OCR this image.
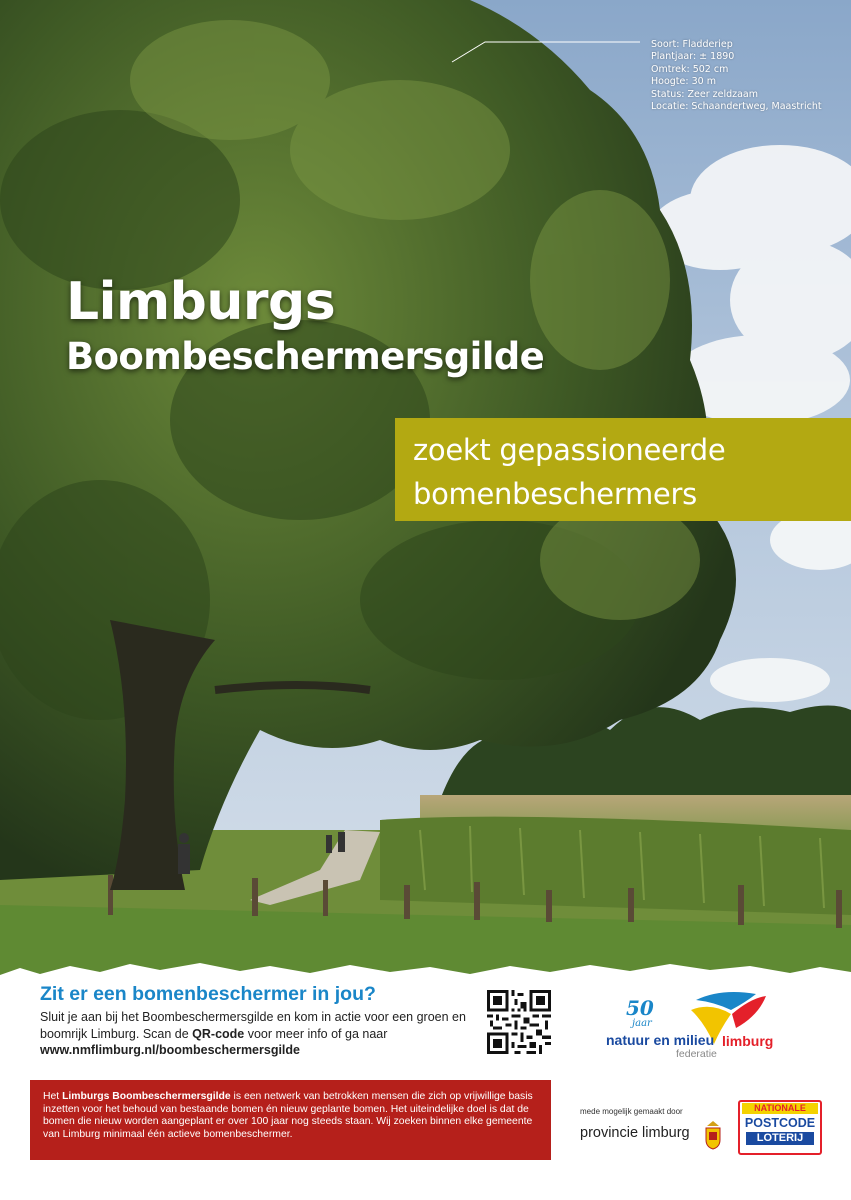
Soort: Fladderiep
Plantjaar: ± 1890
Omtrek: 502 cm
Hoogte: 30 m
Status: Zeer zeldzaam
Locatie: Schaandertweg, Maastricht
Limburgs
Boombeschermersgilde
zoekt gepassioneerde
bomenbeschermers
Zit er een bomenbeschermer in jou?
Sluit je aan bij het Boombeschermersgilde en kom in actie voor een groen en boomrijk Limburg. Scan de QR-code voor meer info of ga naar www.nmflimburg.nl/boombeschermersgilde
50
jaar
natuur en milieu limburg
federatie
Het Limburgs Boombeschermersgilde is een netwerk van betrokken mensen die zich op vrijwillige basis inzetten voor het behoud van bestaande bomen én nieuw geplante bomen. Het uiteindelijke doel is dat de bomen die nieuw worden aangeplant er over 100 jaar nog steeds staan. Wij zoeken binnen elke gemeente van Limburg minimaal één actieve bomenbeschermer.
mede mogelijk gemaakt door
provincie limburg
NATIONALE
POSTCODE
LOTERIJ
